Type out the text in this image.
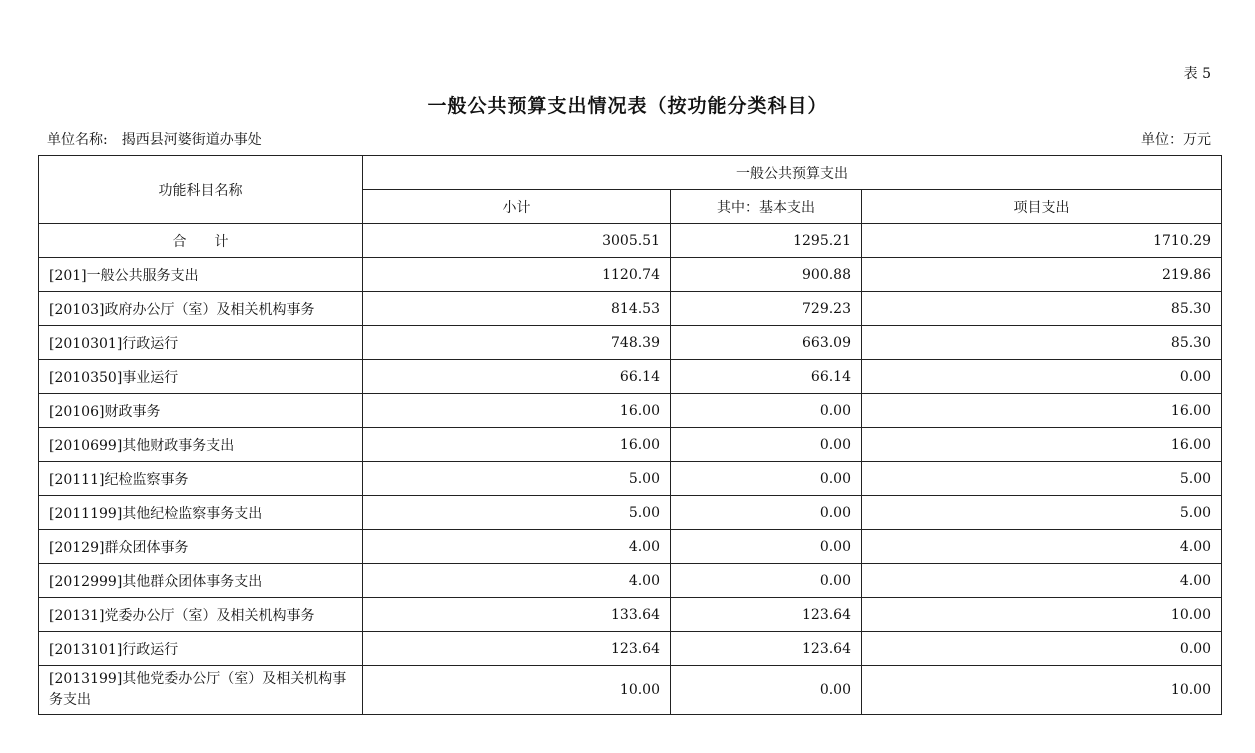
表 5
一般公共预算支出情况表（按功能分类科目）
单位名称: 揭西县河婆街道办事处	单位：万元
功能科目名称	一般公共预算支出		
	小计	其中：基本支出	项目支出
合　　计	3005.51	1295.21	1710.29
[201]一般公共服务支出	1120.74	900.88	219.86
[20103]政府办公厅（室）及相关机构事务	814.53	729.23	85.30
[2010301]行政运行	748.39	663.09	85.30
[2010350]事业运行	66.14	66.14	0.00
[20106]财政事务	16.00	0.00	16.00
[2010699]其他财政事务支出	16.00	0.00	16.00
[20111]纪检监察事务	5.00	0.00	5.00
[2011199]其他纪检监察事务支出	5.00	0.00	5.00
[20129]群众团体事务	4.00	0.00	4.00
[2012999]其他群众团体事务支出	4.00	0.00	4.00
[20131]党委办公厅（室）及相关机构事务	133.64	123.64	10.00
[2013101]行政运行	123.64	123.64	0.00
[2013199]其他党委办公厅（室）及相关机构事务支出	10.00	0.00	10.00
